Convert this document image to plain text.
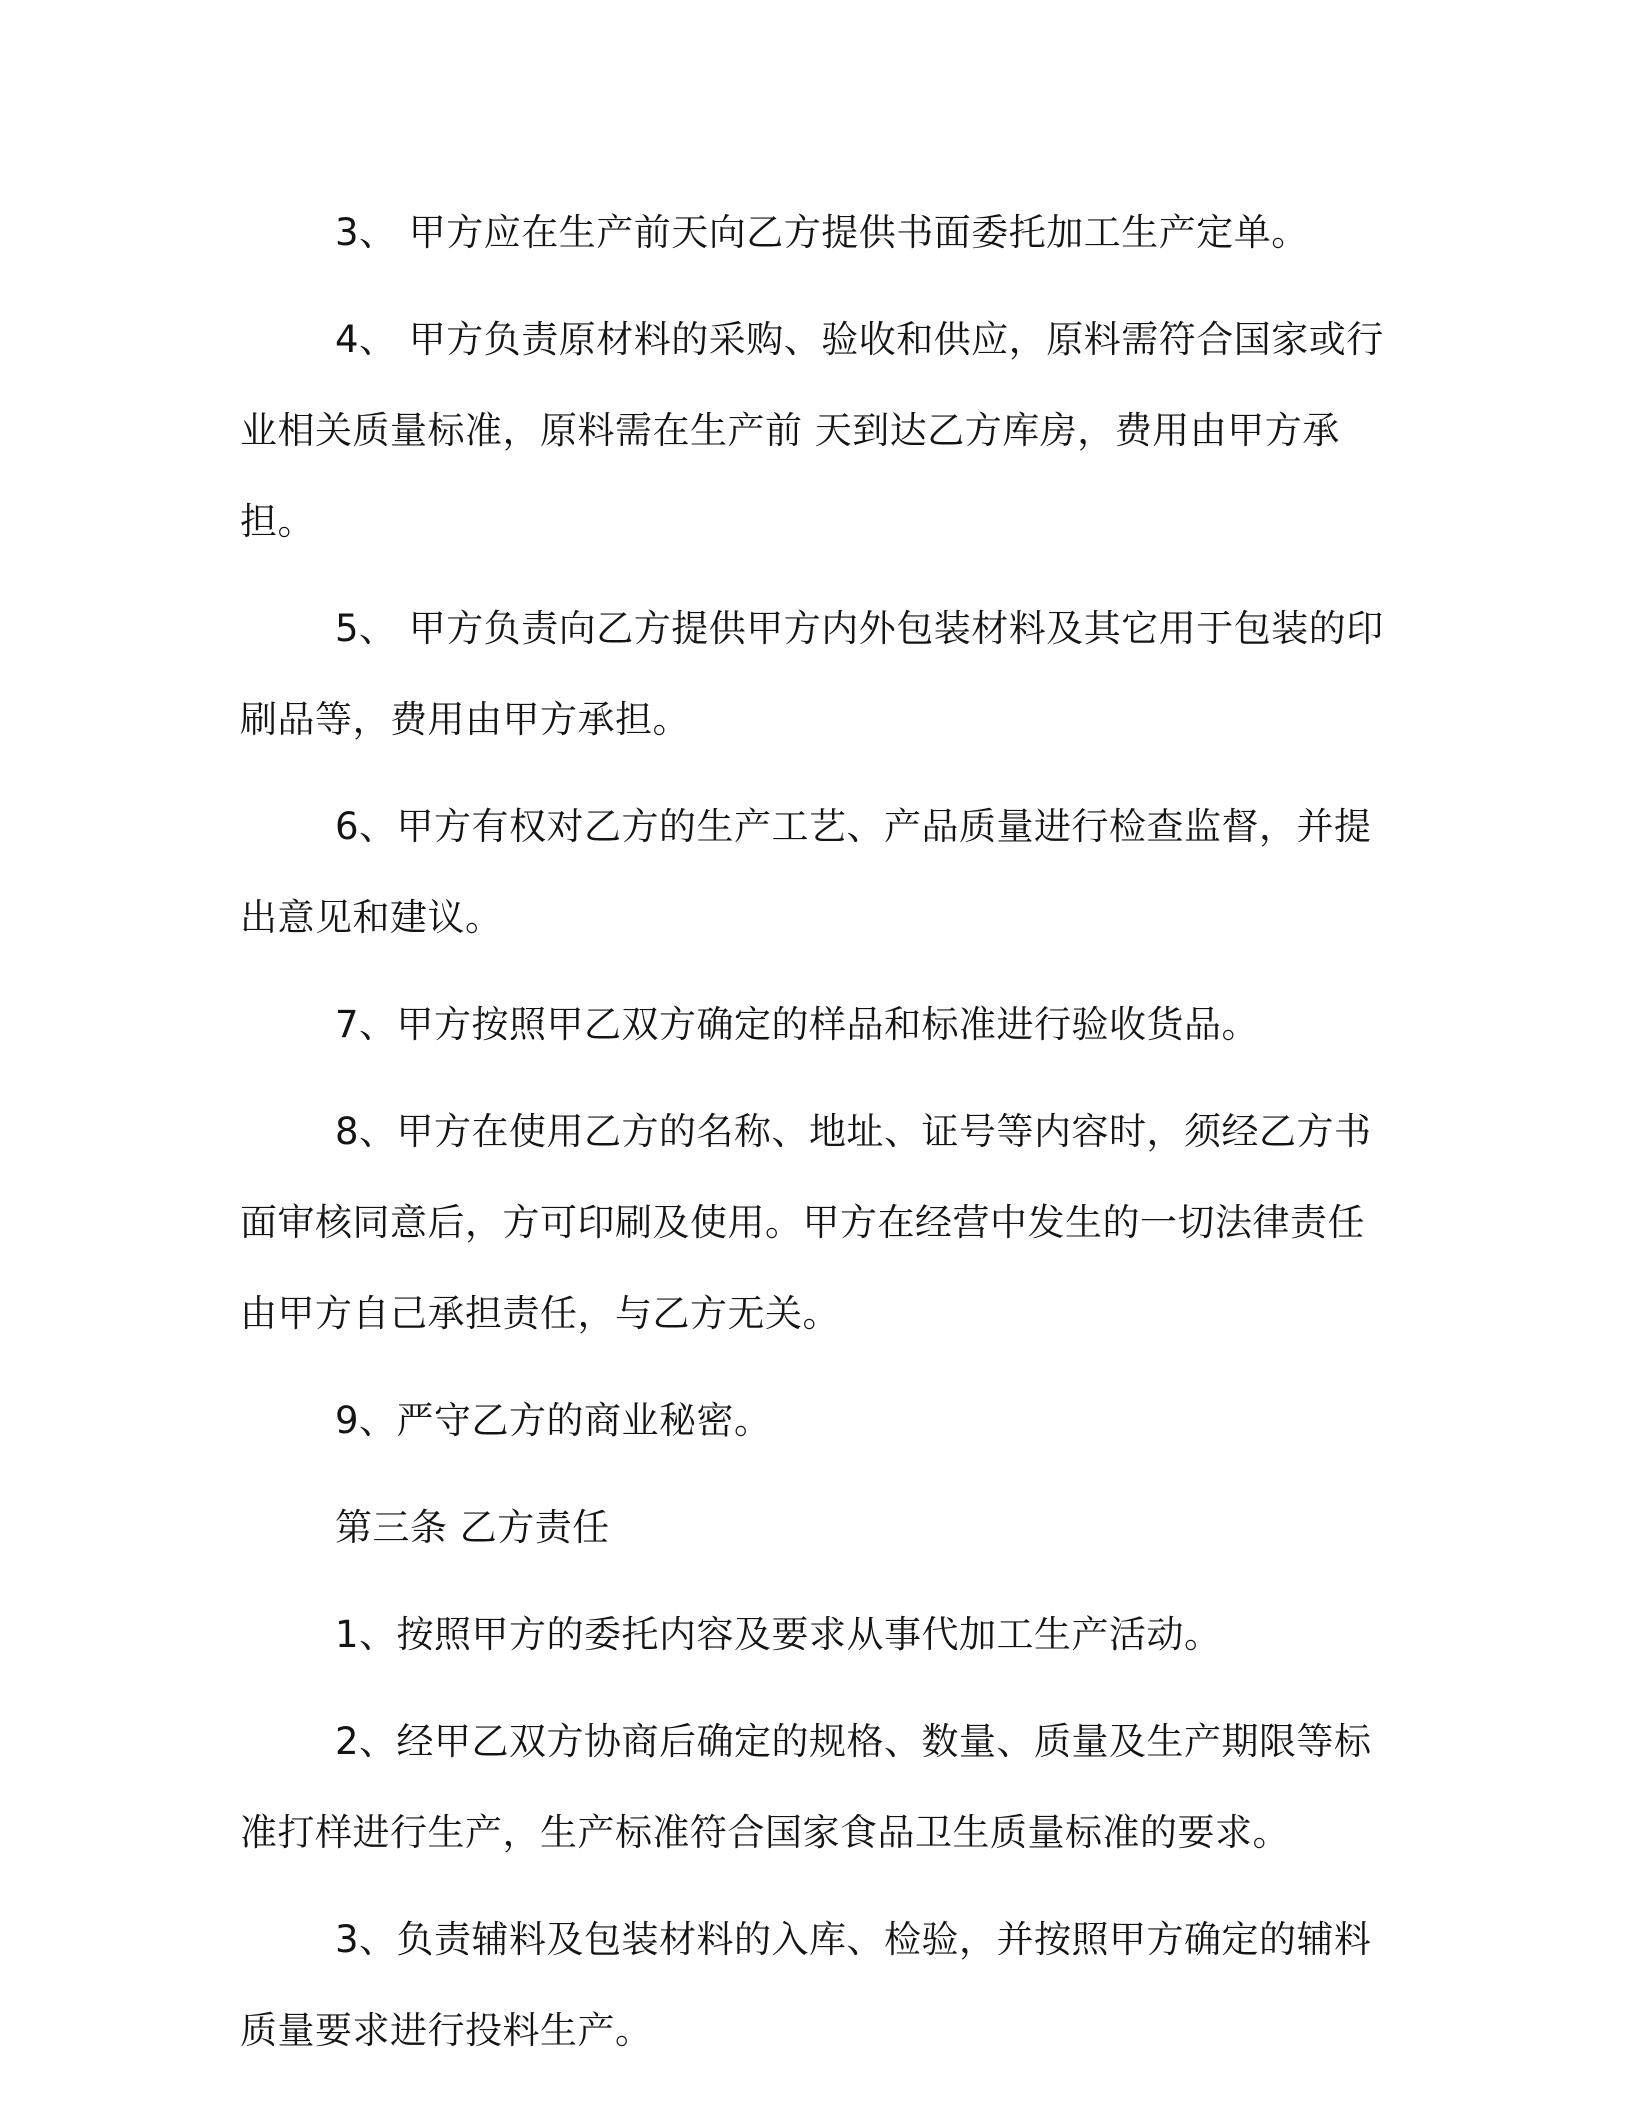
3、 甲方应在生产前天向乙方提供书面委托加工生产定单。

4、 甲方负责原材料的采购、验收和供应，原料需符合国家或行业相关质量标准，原料需在生产前 天到达乙方库房，费用由甲方承担。

5、 甲方负责向乙方提供甲方内外包装材料及其它用于包装的印刷品等，费用由甲方承担。

6、甲方有权对乙方的生产工艺、产品质量进行检查监督，并提出意见和建议。

7、甲方按照甲乙双方确定的样品和标准进行验收货品。

8、甲方在使用乙方的名称、地址、证号等内容时，须经乙方书面审核同意后，方可印刷及使用。甲方在经营中发生的一切法律责任由甲方自己承担责任，与乙方无关。

9、严守乙方的商业秘密。

第三条 乙方责任

1、按照甲方的委托内容及要求从事代加工生产活动。

2、经甲乙双方协商后确定的规格、数量、质量及生产期限等标准打样进行生产，生产标准符合国家食品卫生质量标准的要求。

3、负责辅料及包装材料的入库、检验，并按照甲方确定的辅料质量要求进行投料生产。
